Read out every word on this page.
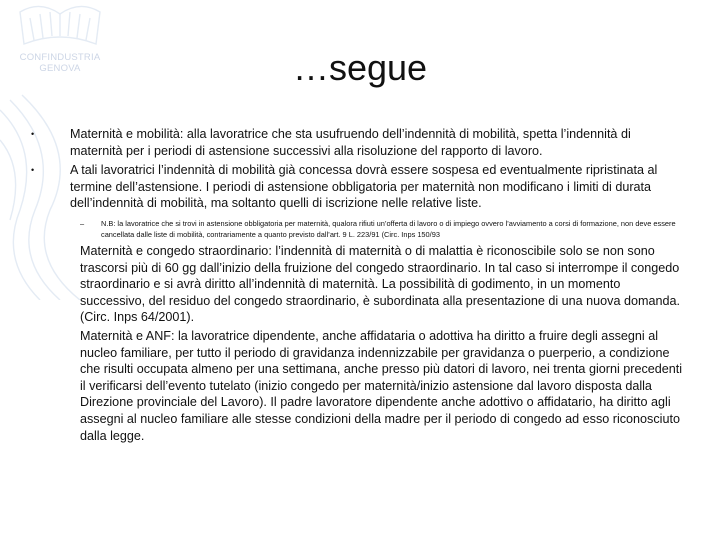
CONFINDUSTRIA
GENOVA	…segue
•	Maternità e mobilità: alla lavoratrice che sta usufruendo dell’indennità di mobilità, spetta l’indennità di maternità per i periodi di astensione successivi alla risoluzione del rapporto di lavoro.
•	A tali lavoratrici l’indennità di mobilità già concessa dovrà essere sospesa ed eventualmente ripristinata al termine dell’astensione. I periodi di astensione obbligatoria per maternità non modificano i limiti di durata dell’indennità di mobilità, ma soltanto quelli di iscrizione nelle relative liste.
– N.B: la lavoratrice che si trovi in astensione obbligatoria per maternità, qualora rifiuti un’offerta di lavoro o di impiego ovvero l’avviamento a corsi di formazione, non deve essere cancellata dalle liste di mobilità, contrariamente a quanto previsto dall’art. 9 L. 223/91 (Circ. Inps 150/93
Maternità e congedo straordinario: l’indennità di maternità o di malattia è riconoscibile solo se non sono trascorsi più di 60 gg dall’inizio della fruizione del congedo straordinario. In tal caso si interrompe il congedo straordinario e si avrà diritto all’indennità di maternità. La possibilità di godimento, in un momento successivo, del residuo del congedo straordinario, è subordinata alla presentazione di una nuova domanda. (Circ. Inps 64/2001).
Maternità e ANF: la lavoratrice dipendente, anche affidataria o adottiva ha diritto a fruire degli assegni al nucleo familiare, per tutto il periodo di gravidanza indennizzabile per gravidanza o puerperio, a condizione che risulti occupata almeno per una settimana, anche presso più datori di lavoro, nei trenta giorni precedenti il verificarsi dell’evento tutelato (inizio congedo per maternità/inizio astensione dal lavoro disposta dalla Direzione provinciale del Lavoro). Il padre lavoratore dipendente anche adottivo o affidatario, ha diritto agli assegni al nucleo familiare alle stesse condizioni della madre per il periodo di congedo ad esso riconosciuto dalla legge.
